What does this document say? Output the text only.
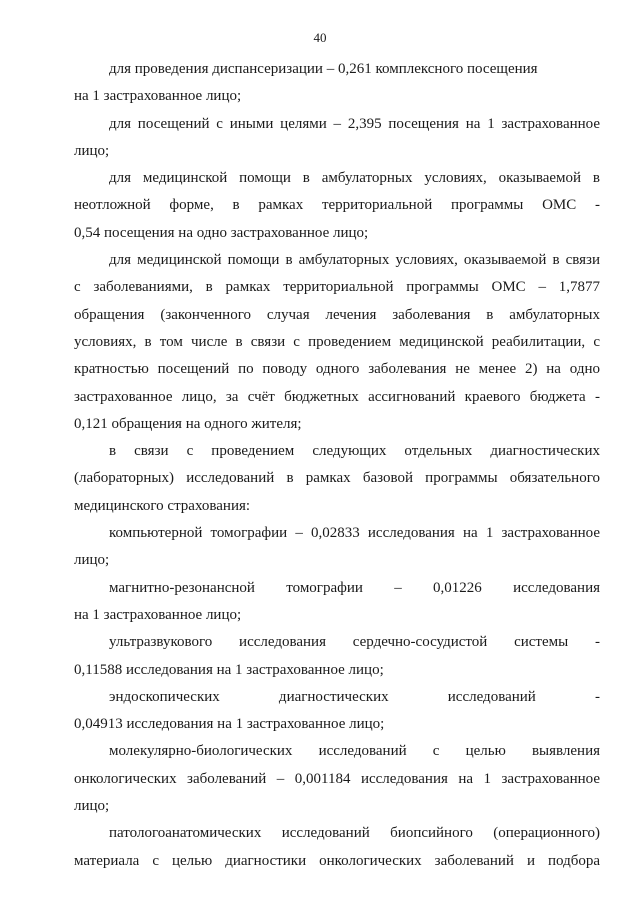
40

для проведения диспансеризации – 0,261 комплексного посещения
на 1 застрахованное лицо;

для посещений с иными целями – 2,395 посещения на 1 застрахованное
лицо;

для медицинской помощи в амбулаторных условиях, оказываемой в
неотложной форме, в рамках территориальной программы ОМС -
0,54 посещения на одно застрахованное лицо;

для медицинской помощи в амбулаторных условиях, оказываемой в связи
с заболеваниями, в рамках территориальной программы ОМС – 1,7877
обращения (законченного случая лечения заболевания в амбулаторных
условиях, в том числе в связи с проведением медицинской реабилитации, с
кратностью посещений по поводу одного заболевания не менее 2) на одно
застрахованное лицо, за счёт бюджетных ассигнований краевого бюджета -
0,121 обращения на одного жителя;

в связи с проведением следующих отдельных диагностических
(лабораторных) исследований в рамках базовой программы обязательного
медицинского страхования:

компьютерной томографии – 0,02833 исследования на 1 застрахованное
лицо;

магнитно-резонансной томографии – 0,01226 исследования
на 1 застрахованное лицо;

ультразвукового исследования сердечно-сосудистой системы -
0,11588 исследования на 1 застрахованное лицо;

эндоскопических диагностических исследований -
0,04913 исследования на 1 застрахованное лицо;

молекулярно-биологических исследований с целью выявления
онкологических заболеваний – 0,001184 исследования на 1 застрахованное
лицо;

патологоанатомических исследований биопсийного (операционного)
материала с целью диагностики онкологических заболеваний и подбора
